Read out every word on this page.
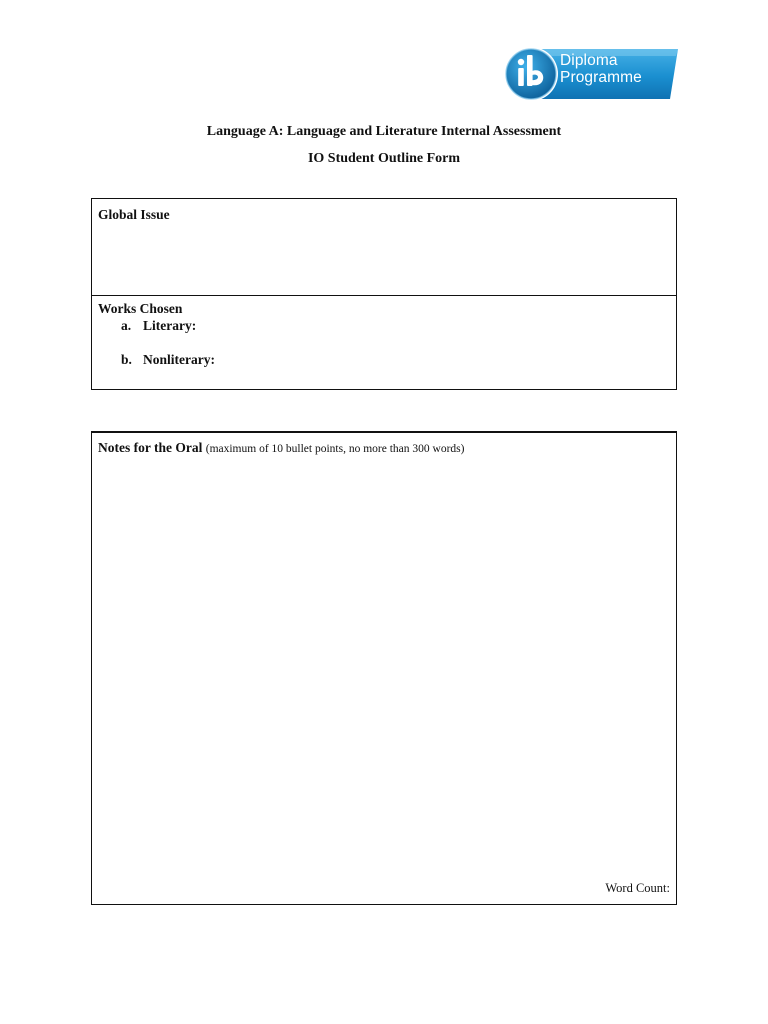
Diploma
Programme
Language A: Language and Literature Internal Assessment
IO Student Outline Form
Global Issue
Works Chosen
a. Literary:
b. Nonliterary:
Notes for the Oral (maximum of 10 bullet points, no more than 300 words)
Word Count:
